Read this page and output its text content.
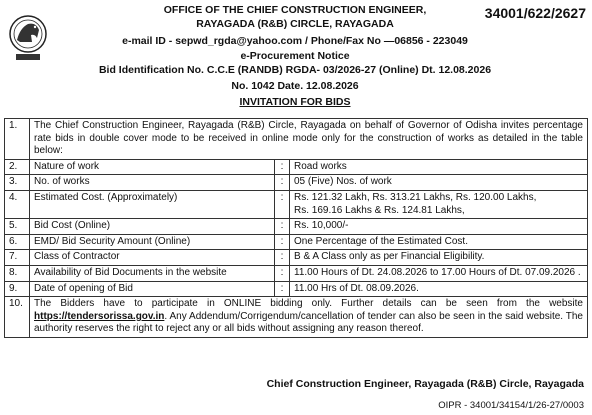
34001/622/2627
OFFICE OF THE CHIEF CONSTRUCTION ENGINEER,
RAYAGADA (R&B) CIRCLE, RAYAGADA
e-mail ID - sepwd_rgda@yahoo.com / Phone/Fax No —06856 - 223049
e-Procurement Notice
Bid Identification No. C.C.E (RANDB) RGDA- 03/2026-27 (Online) Dt. 12.08.2026
No. 1042 Date. 12.08.2026
INVITATION FOR BIDS
1.	The Chief Construction Engineer, Rayagada (R&B) Circle, Rayagada on behalf of Governor of Odisha invites percentage rate bids in double cover mode to be received in online mode only for the construction of works as detailed in the table below:		
2.	Nature of work	:	Road works
3.	No. of works	:	05 (Five) Nos. of work
4.	Estimated Cost. (Approximately)	:	Rs. 121.32 Lakh, Rs. 313.21 Lakhs, Rs. 120.00 Lakhs,
Rs. 169.16 Lakhs & Rs. 124.81 Lakhs,

5.	Bid Cost (Online)	:	Rs. 10,000/-
6.	EMD/ Bid Security Amount (Online)	:	One Percentage of the Estimated Cost.
7.	Class of Contractor	:	B & A Class only as per Financial Eligibility.
8.	Availability of Bid Documents in the website	:	11.00 Hours of Dt. 24.08.2026 to 17.00 Hours of Dt. 07.09.2026 .
9.	Date of opening of Bid	:	11.00 Hrs of Dt. 08.09.2026.
10.	The Bidders have to participate in ONLINE bidding only. Further details can be seen from the website https://tendersorissa.gov.in. Any Addendum/Corrigendum/cancellation of tender can also be seen in the said website. The authority reserves the right to reject any or all bids without assigning any reason thereof.		
Chief Construction Engineer, Rayagada (R&B) Circle, Rayagada
OIPR - 34001/34154/1/26-27/0003
